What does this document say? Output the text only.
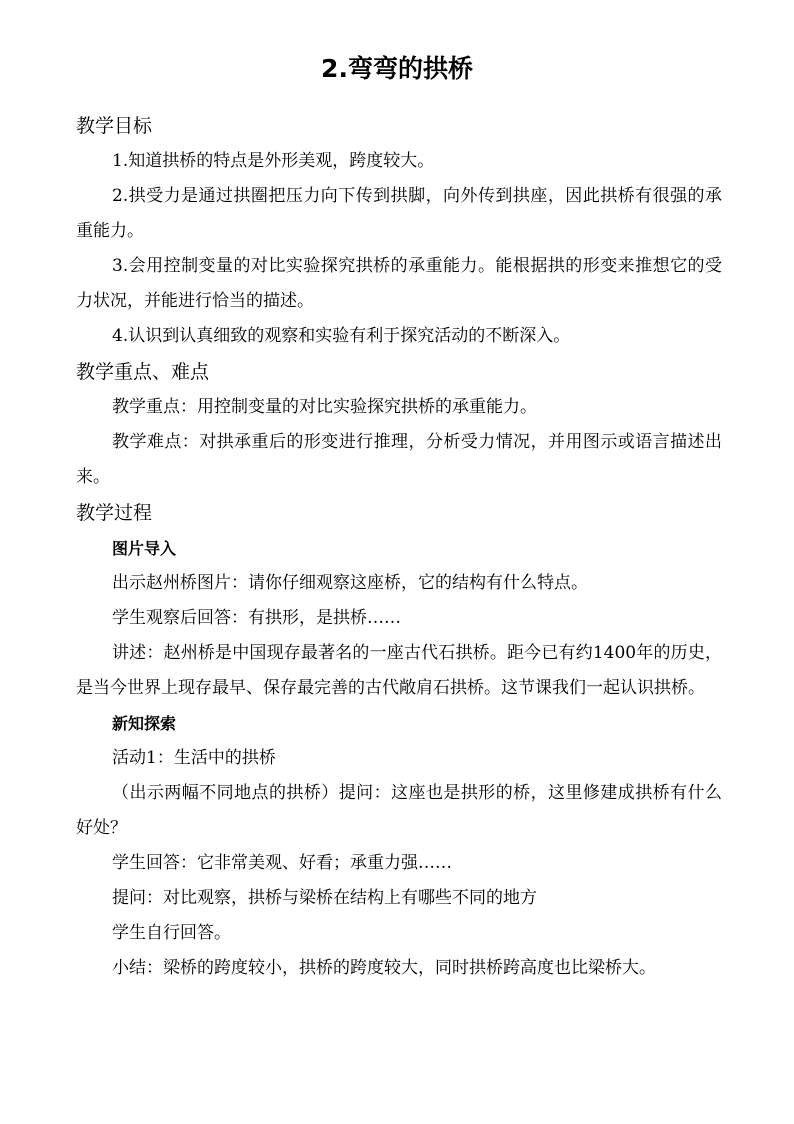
2.弯弯的拱桥

教学目标

1.知道拱桥的特点是外形美观，跨度较大。

2.拱受力是通过拱圈把压力向下传到拱脚，向外传到拱座，因此拱桥有很强的承重能力。

3.会用控制变量的对比实验探究拱桥的承重能力。能根据拱的形变来推想它的受力状况，并能进行恰当的描述。

4.认识到认真细致的观察和实验有利于探究活动的不断深入。

教学重点、难点

教学重点：用控制变量的对比实验探究拱桥的承重能力。

教学难点：对拱承重后的形变进行推理，分析受力情况，并用图示或语言描述出来。

教学过程

图片导入

出示赵州桥图片：请你仔细观察这座桥，它的结构有什么特点。

学生观察后回答：有拱形，是拱桥……

讲述：赵州桥是中国现存最著名的一座古代石拱桥。距今已有约1400年的历史，是当今世界上现存最早、保存最完善的古代敞肩石拱桥。这节课我们一起认识拱桥。

新知探索

活动1：生活中的拱桥

（出示两幅不同地点的拱桥）提问：这座也是拱形的桥，这里修建成拱桥有什么好处？

学生回答：它非常美观、好看；承重力强……

提问：对比观察，拱桥与梁桥在结构上有哪些不同的地方

学生自行回答。

小结：梁桥的跨度较小，拱桥的跨度较大，同时拱桥跨高度也比梁桥大。
